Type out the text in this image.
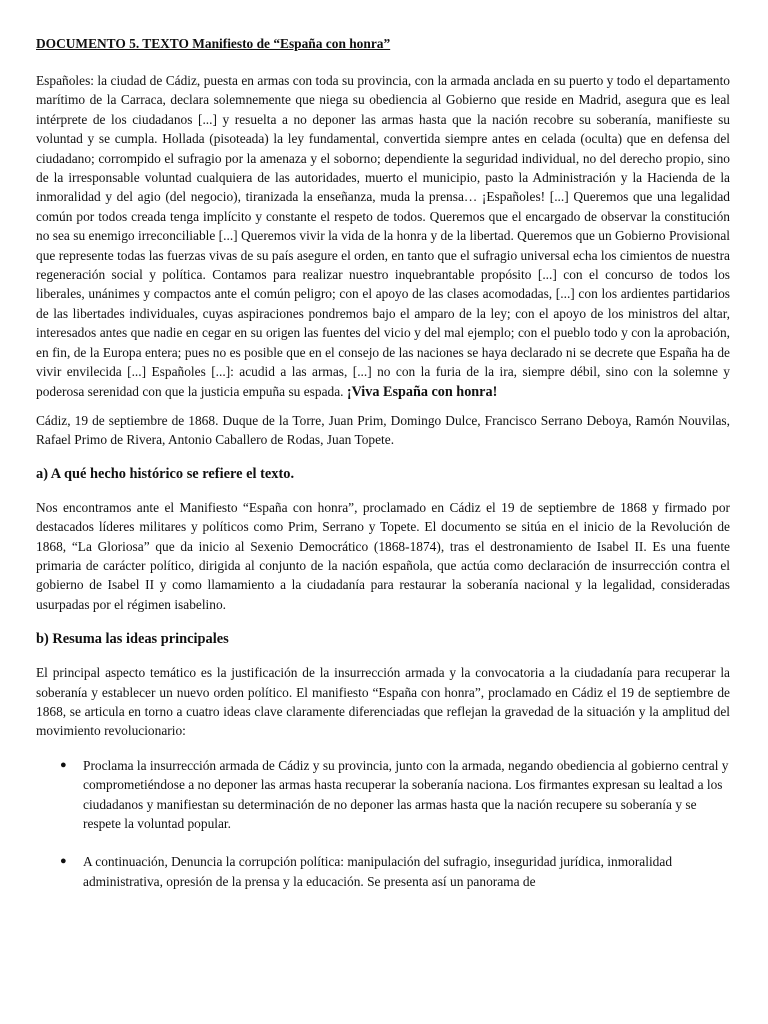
DOCUMENTO 5. TEXTO Manifiesto de “España con honra”

Españoles: la ciudad de Cádiz, puesta en armas con toda su provincia, con la armada anclada en su puerto y todo el departamento marítimo de la Carraca, declara solemnemente que niega su obediencia al Gobierno que reside en Madrid, asegura que es leal intérprete de los ciudadanos [...] y resuelta a no deponer las armas hasta que la nación recobre su soberanía, manifieste su voluntad y se cumpla. Hollada (pisoteada) la ley fundamental, convertida siempre antes en celada (oculta) que en defensa del ciudadano; corrompido el sufragio por la amenaza y el soborno; dependiente la seguridad individual, no del derecho propio, sino de la irresponsable voluntad cualquiera de las autoridades, muerto el municipio, pasto la Administración y la Hacienda de la inmoralidad y del agio (del negocio), tiranizada la enseñanza, muda la prensa… ¡Españoles! [...] Queremos que una legalidad común por todos creada tenga implícito y constante el respeto de todos. Queremos que el encargado de observar la constitución no sea su enemigo irreconciliable [...] Queremos vivir la vida de la honra y de la libertad. Queremos que un Gobierno Provisional que represente todas las fuerzas vivas de su país asegure el orden, en tanto que el sufragio universal echa los cimientos de nuestra regeneración social y política. Contamos para realizar nuestro inquebrantable propósito [...] con el concurso de todos los liberales, unánimes y compactos ante el común peligro; con el apoyo de las clases acomodadas, [...] con los ardientes partidarios de las libertades individuales, cuyas aspiraciones pondremos bajo el amparo de la ley; con el apoyo de los ministros del altar, interesados antes que nadie en cegar en su origen las fuentes del vicio y del mal ejemplo; con el pueblo todo y con la aprobación, en fin, de la Europa entera; pues no es posible que en el consejo de las naciones se haya declarado ni se decrete que España ha de vivir envilecida [...] Españoles [...]: acudid a las armas, [...] no con la furia de la ira, siempre débil, sino con la solemne y poderosa serenidad con que la justicia empuña su espada. ¡Viva España con honra!

Cádiz, 19 de septiembre de 1868. Duque de la Torre, Juan Prim, Domingo Dulce, Francisco Serrano Deboya, Ramón Nouvilas, Rafael Primo de Rivera, Antonio Caballero de Rodas, Juan Topete.

a) A qué hecho histórico se refiere el texto.

Nos encontramos ante el Manifiesto “España con honra”, proclamado en Cádiz el 19 de septiembre de 1868 y firmado por destacados líderes militares y políticos como Prim, Serrano y Topete. El documento se sitúa en el inicio de la Revolución de 1868, “La Gloriosa” que da inicio al Sexenio Democrático (1868-1874), tras el destronamiento de Isabel II. Es una fuente primaria de carácter político, dirigida al conjunto de la nación española, que actúa como declaración de insurrección contra el gobierno de Isabel II y como llamamiento a la ciudadanía para restaurar la soberanía nacional y la legalidad, consideradas usurpadas por el régimen isabelino.

b) Resuma las ideas principales

El principal aspecto temático es la justificación de la insurrección armada y la convocatoria a la ciudadanía para recuperar la soberanía y establecer un nuevo orden político. El manifiesto “España con honra”, proclamado en Cádiz el 19 de septiembre de 1868, se articula en torno a cuatro ideas clave claramente diferenciadas que reflejan la gravedad de la situación y la amplitud del movimiento revolucionario:

● Proclama la insurrección armada de Cádiz y su provincia, junto con la armada, negando obediencia al gobierno central y comprometiéndose a no deponer las armas hasta recuperar la soberanía naciona. Los firmantes expresan su lealtad a los ciudadanos y manifiestan su determinación de no deponer las armas hasta que la nación recupere su soberanía y se respete la voluntad popular.
● A continuación, Denuncia la corrupción política: manipulación del sufragio, inseguridad jurídica, inmoralidad administrativa, opresión de la prensa y la educación. Se presenta así un panorama de
